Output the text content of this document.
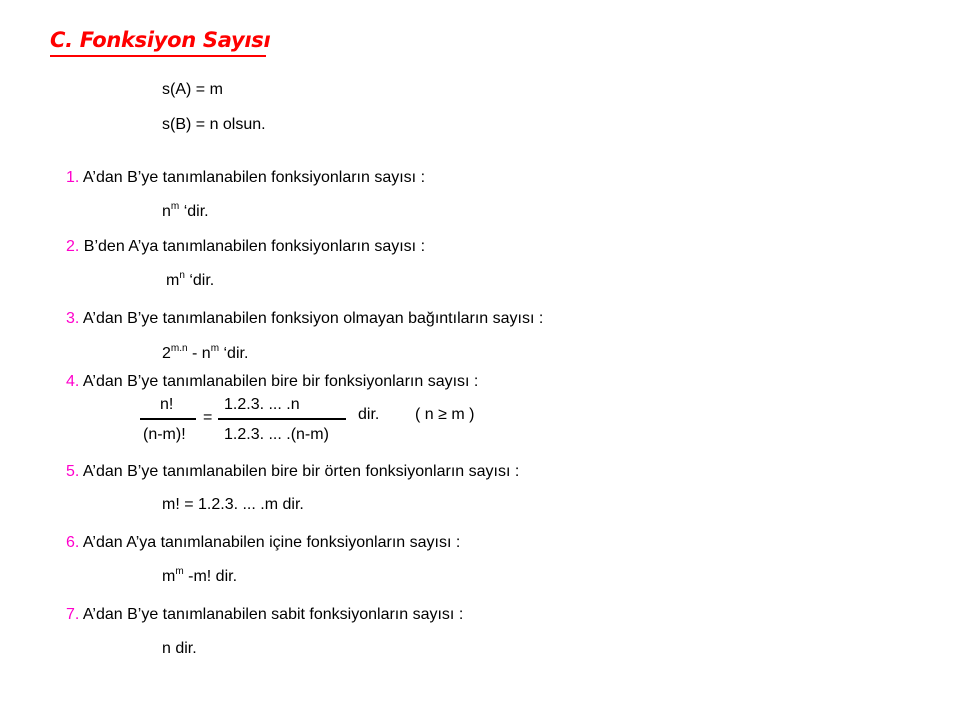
C. Fonksiyon Sayısı
s(A) = m
s(B) = n olsun.
1. A’dan B’ye tanımlanabilen fonksiyonların sayısı :
$n^m$ ‘dir.
2. B’den A’ya tanımlanabilen fonksiyonların sayısı :
$m^n$ ‘dir.
3. A’dan B’ye tanımlanabilen fonksiyon olmayan bağıntıların sayısı :
$2^{m.n} - n^m$ ‘dir.
4. A’dan B’ye tanımlanabilen bire bir fonksiyonların sayısı :
n!
(n-m)!
=
1.2.3. ... .n
1.2.3. ... .(n-m)
dir. ( n ≥ m )
5. A’dan B’ye tanımlanabilen bire bir örten fonksiyonların sayısı :
m! = 1.2.3. ... .m dir.
6. A’dan A’ya tanımlanabilen içine fonksiyonların sayısı :
$m^m$ -m! dir.
7. A’dan B’ye tanımlanabilen sabit fonksiyonların sayısı :
n dir.
